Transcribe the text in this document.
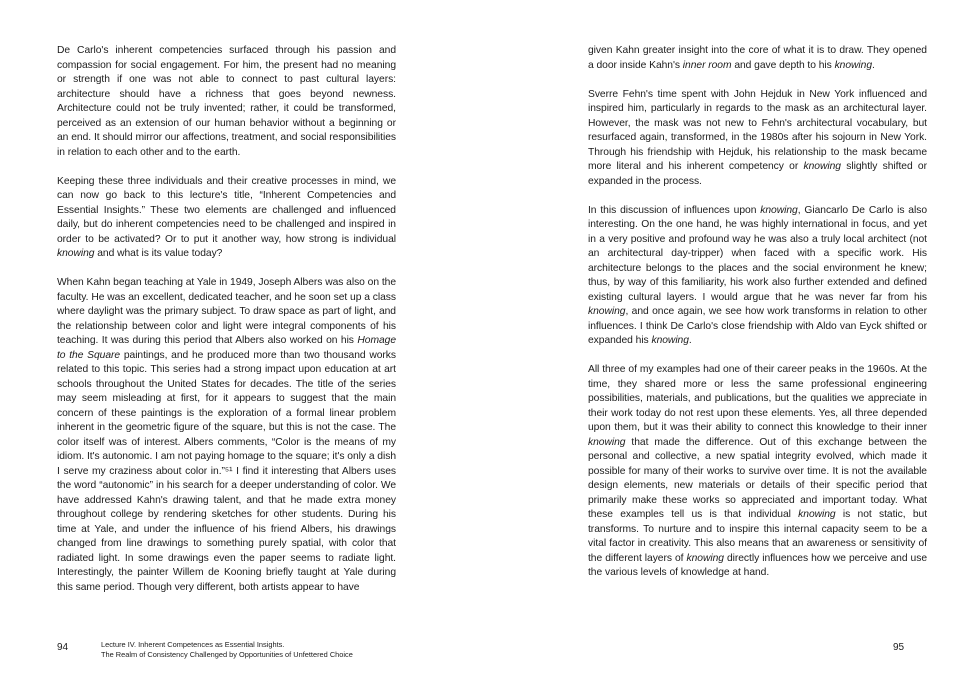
De Carlo's inherent competencies surfaced through his passion and compassion for social engagement. For him, the present had no meaning or strength if one was not able to connect to past cultural layers: architecture should have a richness that goes beyond newness. Architecture could not be truly invented; rather, it could be transformed, perceived as an extension of our human behavior without a beginning or an end. It should mirror our affections, treatment, and social responsibilities in relation to each other and to the earth.

Keeping these three individuals and their creative processes in mind, we can now go back to this lecture's title, “Inherent Competencies and Essential Insights.” These two elements are challenged and influenced daily, but do inherent competencies need to be challenged and inspired in order to be activated? Or to put it another way, how strong is individual knowing and what is its value today?

When Kahn began teaching at Yale in 1949, Joseph Albers was also on the faculty. He was an excellent, dedicated teacher, and he soon set up a class where daylight was the primary subject. To draw space as part of light, and the relationship between color and light were integral components of his teaching. It was during this period that Albers also worked on his Homage to the Square paintings, and he produced more than two thousand works related to this topic. This series had a strong impact upon education at art schools throughout the United States for decades. The title of the series may seem misleading at first, for it appears to suggest that the main concern of these paintings is the exploration of a formal linear problem inherent in the geometric figure of the square, but this is not the case. The color itself was of interest. Albers comments, “Color is the means of my idiom. It's autonomic. I am not paying homage to the square; it's only a dish I serve my craziness about color in.”⁵¹ I find it interesting that Albers uses the word “autonomic” in his search for a deeper understanding of color. We have addressed Kahn's drawing talent, and that he made extra money throughout college by rendering sketches for other students. During his time at Yale, and under the influence of his friend Albers, his drawings changed from line drawings to something purely spatial, with color that radiated light. In some drawings even the paper seems to radiate light. Interestingly, the painter Willem de Kooning briefly taught at Yale during this same period. Though very different, both artists appear to have

given Kahn greater insight into the core of what it is to draw. They opened a door inside Kahn's inner room and gave depth to his knowing.

Sverre Fehn's time spent with John Hejduk in New York influenced and inspired him, particularly in regards to the mask as an architectural layer. However, the mask was not new to Fehn's architectural vocabulary, but resurfaced again, transformed, in the 1980s after his sojourn in New York. Through his friendship with Hejduk, his relationship to the mask became more literal and his inherent competency or knowing slightly shifted or expanded in the process.

In this discussion of influences upon knowing, Giancarlo De Carlo is also interesting. On the one hand, he was highly international in focus, and yet in a very positive and profound way he was also a truly local architect (not an architectural day-tripper) when faced with a specific work. His architecture belongs to the places and the social environment he knew; thus, by way of this familiarity, his work also further extended and defined existing cultural layers. I would argue that he was never far from his knowing, and once again, we see how work transforms in relation to other influences. I think De Carlo's close friendship with Aldo van Eyck shifted or expanded his knowing.

All three of my examples had one of their career peaks in the 1960s. At the time, they shared more or less the same professional engineering possibilities, materials, and publications, but the qualities we appreciate in their work today do not rest upon these elements. Yes, all three depended upon them, but it was their ability to connect this knowledge to their inner knowing that made the difference. Out of this exchange between the personal and collective, a new spatial integrity evolved, which made it possible for many of their works to survive over time. It is not the available design elements, new materials or details of their specific period that primarily make these works so appreciated and important today. What these examples tell us is that individual knowing is not static, but transforms. To nurture and to inspire this internal capacity seem to be a vital factor in creativity. This also means that an awareness or sensitivity of the different layers of knowing directly influences how we perceive and use the various levels of knowledge at hand.

94	Lecture IV. Inherent Competences as Essential Insights.
The Realm of Consistency Challenged by Opportunities of Unfettered Choice
95
